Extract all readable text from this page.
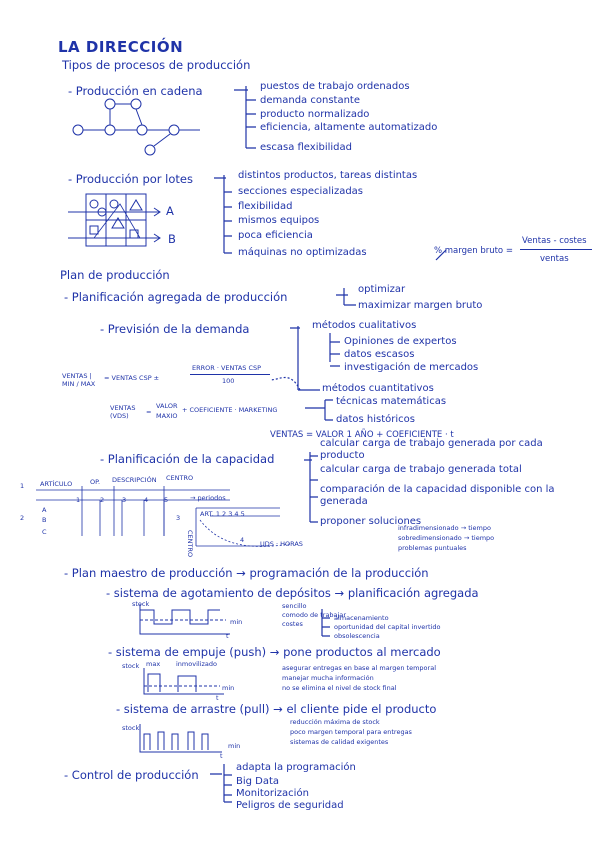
LA DIRECCIÓN
Tipos de procesos de producción
- Producción en cadena	puestos de trabajo ordenados
demanda constante
producto normalizado
eficiencia, altamente automatizado
escasa flexibilidad
- Producción por lotes	distintos productos, tareas distintas
secciones especializadas
flexibilidad
mismos equipos
poca eficiencia
máquinas no optimizadas
A
B
% margen bruto =
Ventas - costes
ventas
Plan de producción
- Planificación agregada de producción
optimizar
maximizar margen bruto
- Previsión de la demanda	métodos cualitativos
Opiniones de expertos
datos escasos
investigación de mercados
métodos cuantitativos
técnicas matemáticas
datos históricos
VENTAS | MIN / MAX
= VENTAS CSP ±
ERROR · VENTAS CSP
100
VENTAS (VDS)	=
VALOR
MAXIO
+ COEFICIENTE · MARKETING
VENTAS = VALOR 1 AÑO + COEFICIENTE · t
- Planificación de la capacidad
calcular carga de trabajo generada por cada producto
calcular carga de trabajo generada total
comparación de la capacidad disponible con la generada
proponer soluciones
infradimensionado → tiempo
sobredimensionado → tiempo
problemas puntuales
1
2
ARTÍCULO	OP. DESCRIPCIÓN CENTRO
1	2	3	4 5	→ periodos
A
B
C
3	ART. 1 2 3 4 5
CENTRO	UDS · HORAS
4
- Plan maestro de producción → programación de la producción
- sistema de agotamiento de depósitos → planificación agregada
stock
min
t
sencillo
comodo de trabajar
costes
almacenamiento
oportunidad del capital invertido
obsolescencia
- sistema de empuje (push) → pone productos al mercado
stock max inmovilizado
min
t
asegurar entregas en base al margen temporal
manejar mucha información
no se elimina el nivel de stock final
- sistema de arrastre (pull) → el cliente pide el producto
stock
min
t
reducción máxima de stock
poco margen temporal para entregas
sistemas de calidad exigentes
- Control de producción
adapta la programación
Big Data
Monitorización
Peligros de seguridad
